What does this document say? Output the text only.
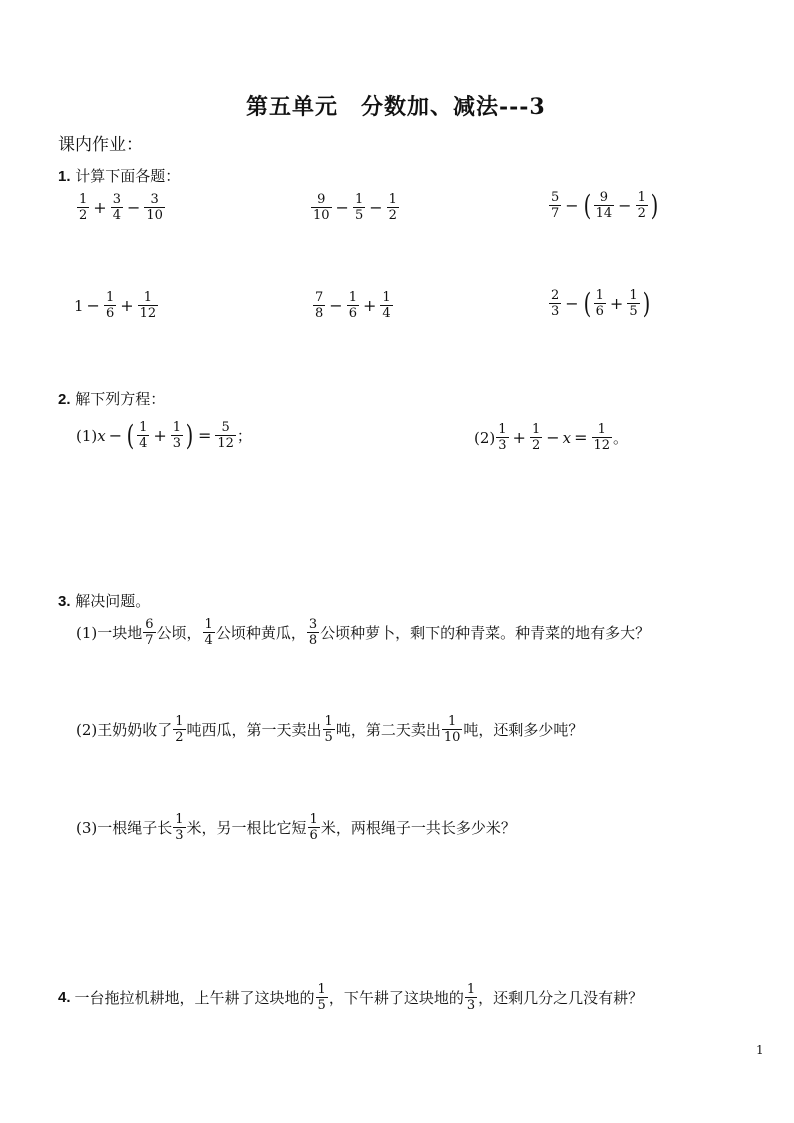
第五单元　分数加、减法---3
课内作业：
1. 计算下面各题：
$\frac{1}{2} + \frac{3}{4} - \frac{3}{10}$	$\frac{9}{10} - \frac{1}{5} - \frac{1}{2}$	$\frac{5}{7}$ − ( $\frac{9}{14} - \frac{1}{2}$ )
$1 - \frac{1}{6} + \frac{1}{12}$	$\frac{7}{8} - \frac{1}{6} + \frac{1}{4}$	$\frac{2}{3}$ − ( $\frac{1}{6} + \frac{1}{5}$ )
2. 解下列方程：
(1) x − ( $\frac{1}{4} + \frac{1}{3}$ ) = $\frac{5}{12}$ ；	$(2) \frac{1}{3} + \frac{1}{2} - x = \frac{1}{12}$ 。
3. 解决问题。
(1)一块地 $\frac{6}{7}$ 公顷， $\frac{1}{4}$ 公顷种黄瓜， $\frac{3}{8}$ 公顷种萝卜，剩下的种青菜。种青菜的地有多大？
(2)王奶奶收了 $\frac{1}{2}$ 吨西瓜，第一天卖出 $\frac{1}{5}$ 吨，第二天卖出 $\frac{1}{10}$ 吨，还剩多少吨？
(3)一根绳子长 $\frac{1}{3}$ 米，另一根比它短 $\frac{1}{6}$ 米，两根绳子一共长多少米？
4. 一台拖拉机耕地，上午耕了这块地的 $\frac{1}{5}$ ，下午耕了这块地的 $\frac{1}{3}$ ，还剩几分之几没有耕？
1
